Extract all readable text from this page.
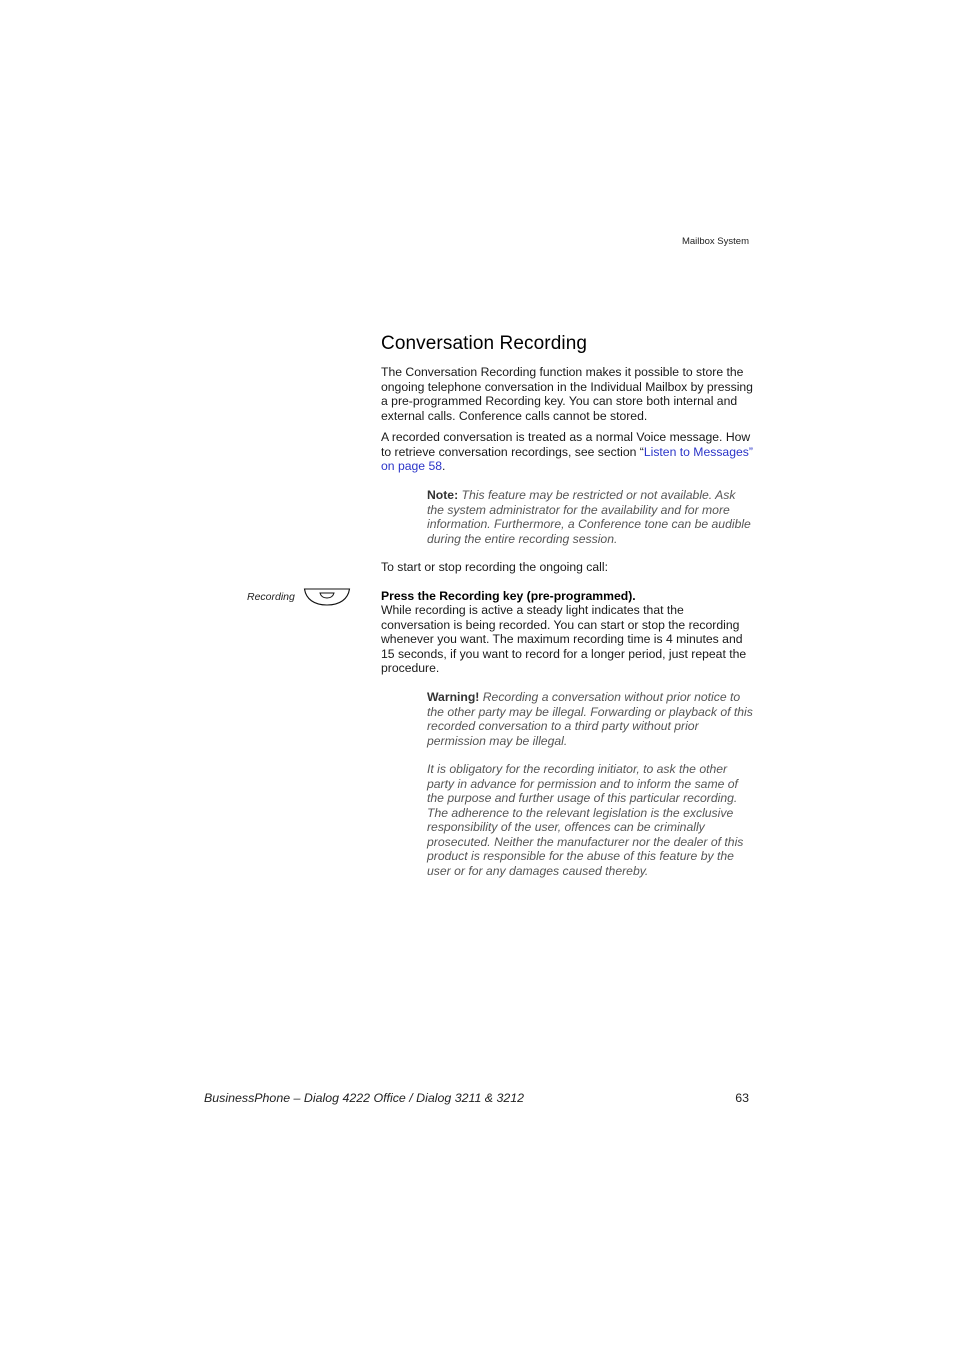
Mailbox System
Conversation Recording

The Conversation Recording function makes it possible to store the ongoing telephone conversation in the Individual Mailbox by pressing a pre-programmed Recording key. You can store both internal and external calls. Conference calls cannot be stored.

A recorded conversation is treated as a normal Voice message. How to retrieve conversation recordings, see section “Listen to Messages” on page 58.

Note: This feature may be restricted or not available. Ask the system administrator for the availability and for more information. Furthermore, a Conference tone can be audible during the entire recording session.

To start or stop recording the ongoing call:

Recording	Press the Recording key (pre-programmed).

While recording is active a steady light indicates that the conversation is being recorded. You can start or stop the recording whenever you want. The maximum recording time is 4 minutes and 15 seconds, if you want to record for a longer period, just repeat the procedure.

Warning! Recording a conversation without prior notice to the other party may be illegal. Forwarding or playback of this recorded conversation to a third party without prior permission may be illegal.

It is obligatory for the recording initiator, to ask the other party in advance for permission and to inform the same of the purpose and further usage of this particular recording. The adherence to the relevant legislation is the exclusive responsibility of the user, offences can be criminally prosecuted. Neither the manufacturer nor the dealer of this product is responsible for the abuse of this feature by the user or for any damages caused thereby.

BusinessPhone – Dialog 4222 Office / Dialog 3211 & 3212	63
